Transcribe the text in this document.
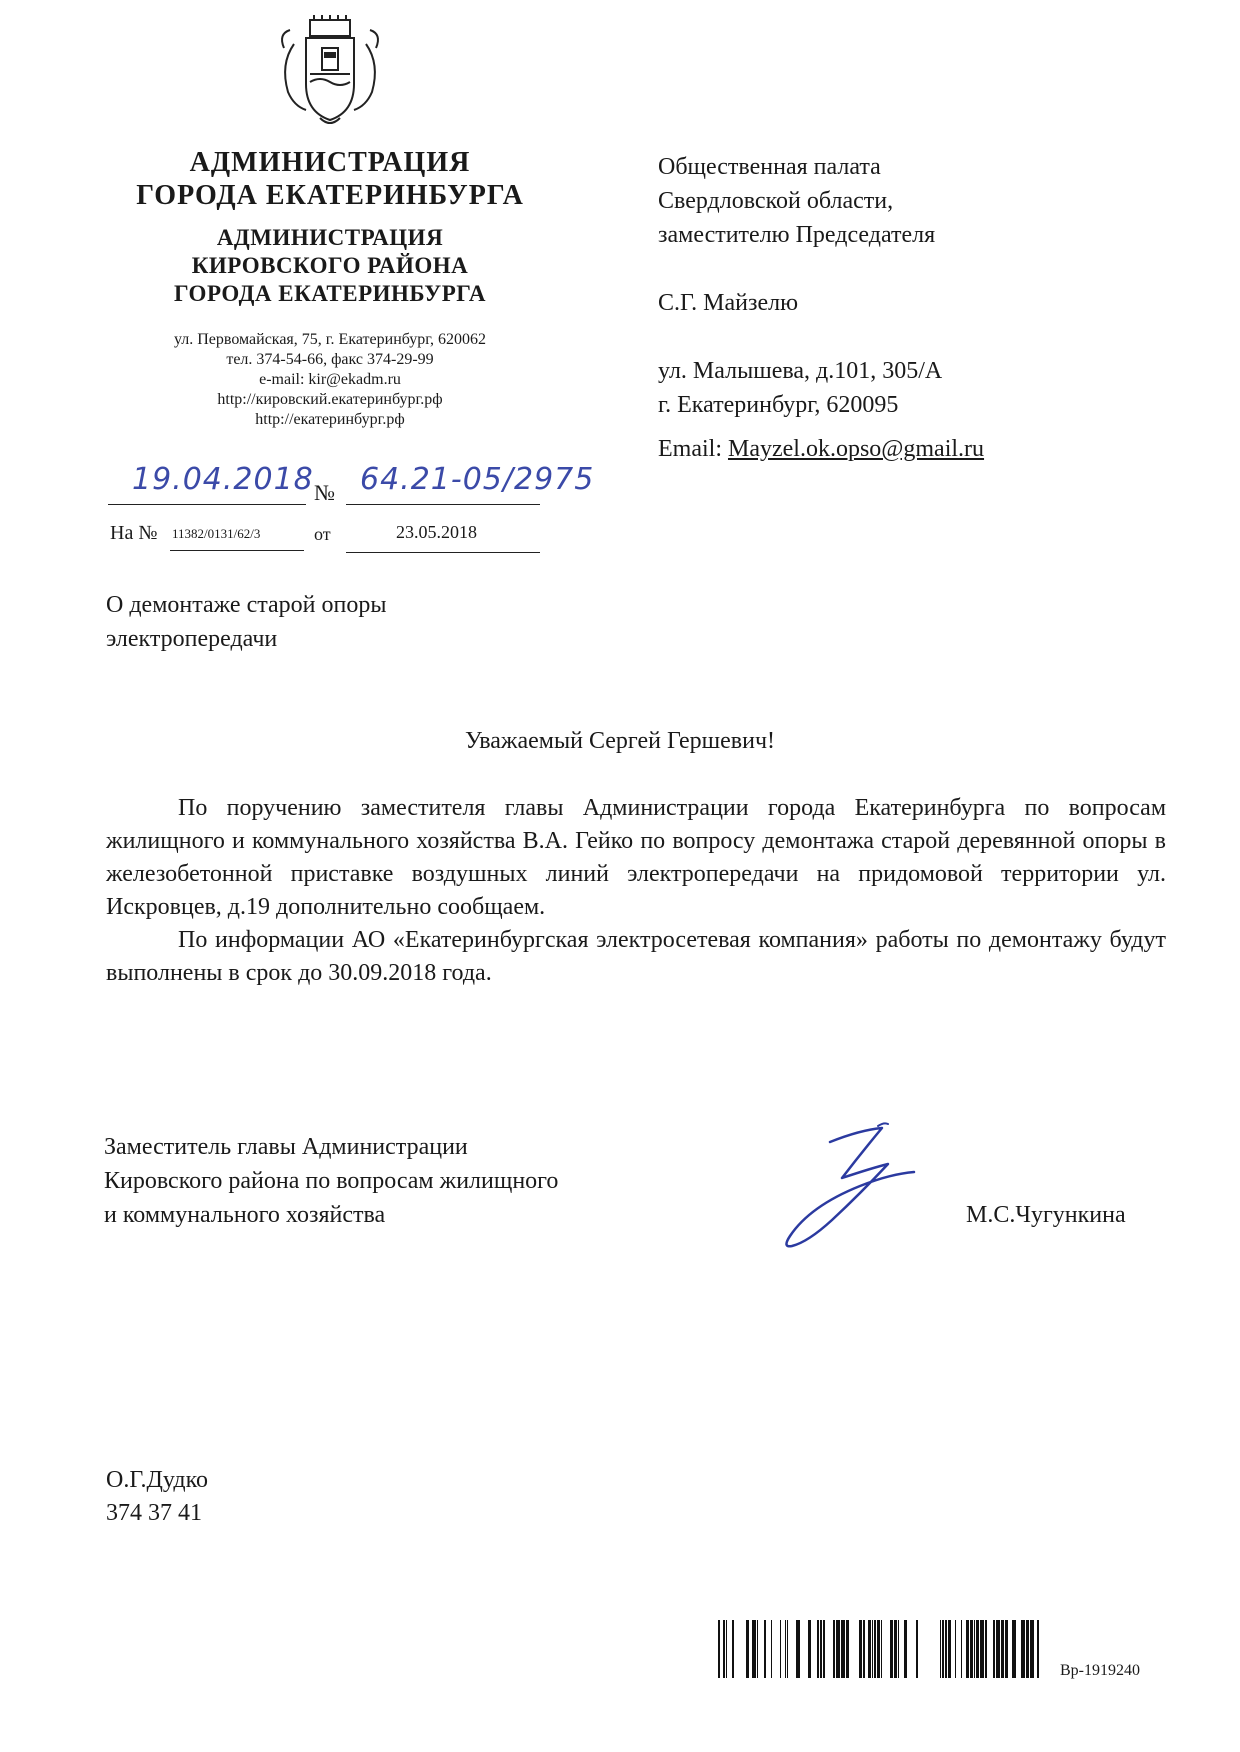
АДМИНИСТРАЦИЯ
ГОРОДА ЕКАТЕРИНБУРГА
АДМИНИСТРАЦИЯ
КИРОВСКОГО РАЙОНА
ГОРОДА ЕКАТЕРИНБУРГА
ул. Первомайская, 75, г. Екатеринбург, 620062
тел. 374-54-66, факс 374-29-99
e-mail: kir@ekadm.ru
http://кировский.екатеринбург.рф
http://екатеринбург.рф
19.04.2018 № 64.21-05/2975
На № 11382/0131/62/3	от	23.05.2018
Общественная палата
Свердловской области,
заместителю Председателя
С.Г. Майзелю
ул. Малышева, д.101, 305/А
г. Екатеринбург, 620095
Email: Mayzel.ok.opso@gmail.ru
О демонтаже старой опоры
электропередачи
Уважаемый Сергей Гершевич!

По поручению заместителя главы Администрации города Екатеринбурга по вопросам жилищного и коммунального хозяйства В.А. Гейко по вопросу демонтажа старой деревянной опоры в железобетонной приставке воздушных линий электропередачи на придомовой территории ул. Искровцев, д.19 дополнительно сообщаем.

По информации АО «Екатеринбургская электросетевая компания» работы по демонтажу будут выполнены в срок до 30.09.2018 года.

Заместитель главы Администрации
Кировского района по вопросам жилищного
и коммунального хозяйства	М.С.Чугункина
О.Г.Дудко
374 37 41
Вр-1919240
